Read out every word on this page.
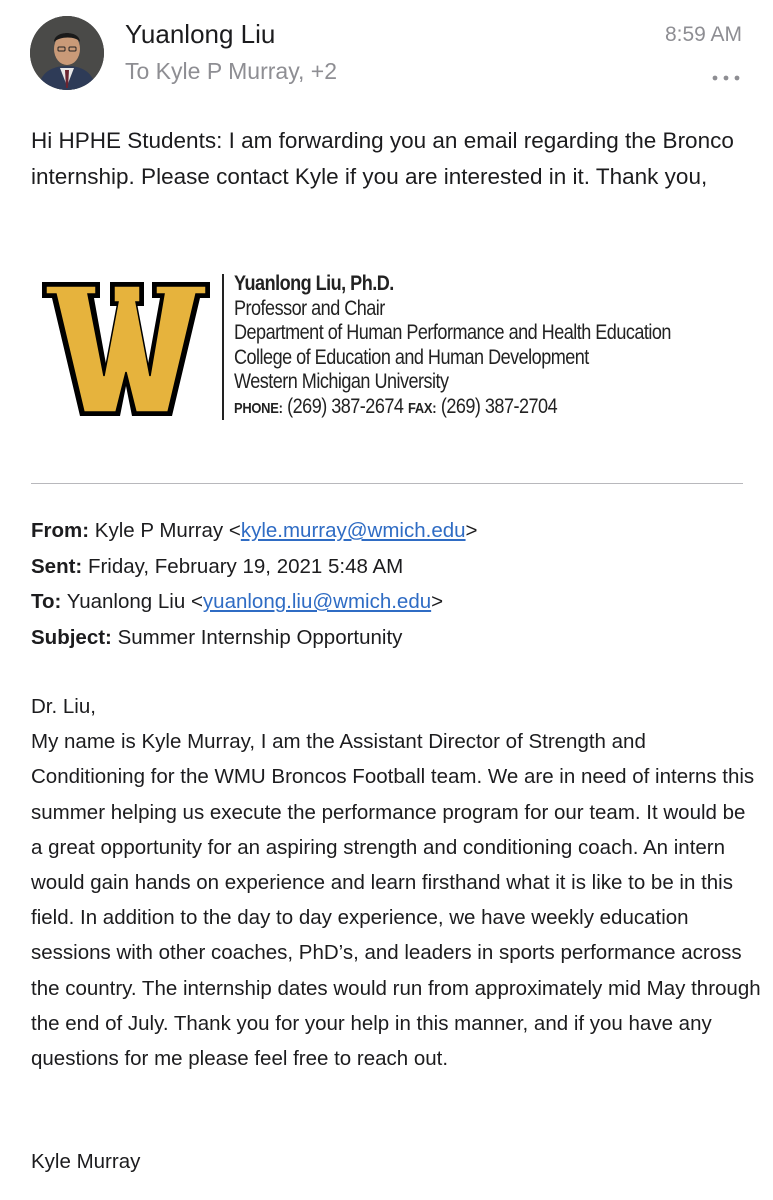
Yuanlong Liu
To Kyle P Murray, +2
8:59 AM
Hi HPHE Students: I am forwarding you an email regarding the Bronco internship. Please contact Kyle if you are interested in it. Thank you,
Yuanlong Liu, Ph.D.
Professor and Chair
Department of Human Performance and Health Education
College of Education and Human Development
Western Michigan University
PHONE: (269) 387-2674 FAX: (269) 387-2704
From: Kyle P Murray <kyle.murray@wmich.edu>
Sent: Friday, February 19, 2021 5:48 AM
To: Yuanlong Liu <yuanlong.liu@wmich.edu>
Subject: Summer Internship Opportunity

Dr. Liu,

My name is Kyle Murray, I am the Assistant Director of Strength and Conditioning for the WMU Broncos Football team. We are in need of interns this summer helping us execute the performance program for our team. It would be a great opportunity for an aspiring strength and conditioning coach. An intern would gain hands on experience and learn firsthand what it is like to be in this field. In addition to the day to day experience, we have weekly education sessions with other coaches, PhD’s, and leaders in sports performance across the country. The internship dates would run from approximately mid May through the end of July. Thank you for your help in this manner, and if you have any questions for me please feel free to reach out.

Kyle Murray
